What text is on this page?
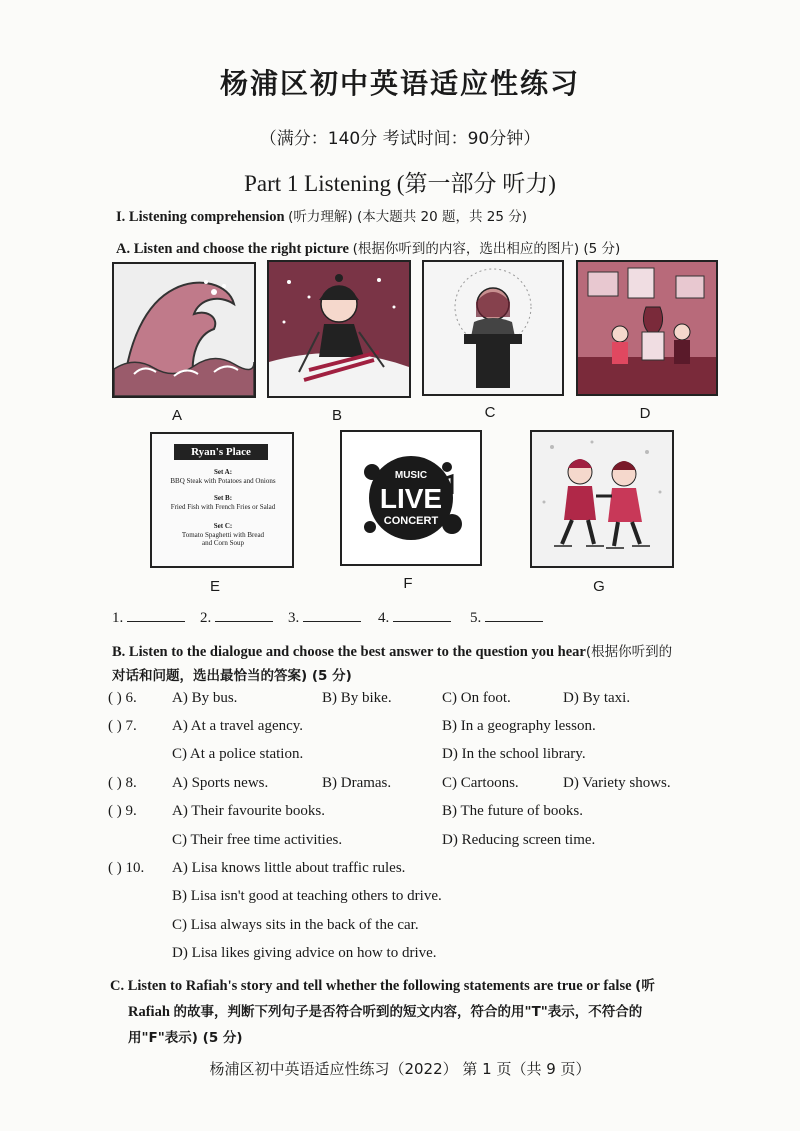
杨浦区初中英语适应性练习
（满分：140分 考试时间：90分钟）
Part 1 Listening (第一部分 听力)
I. Listening comprehension (听力理解) (本大题共 20 题，共 25 分)
A. Listen and choose the right picture (根据你听到的内容，选出相应的图片) (5 分)
A	B	C	D
Ryan's Place
Set A:
BBQ Steak with Potatoes and Onions
Set B:
Fried Fish with French Fries or Salad
Set C:
Tomato Spaghetti with Bread
and Corn Soup
E
MUSIC
LIVE
CONCERT
F	G
1.	2.	3.	4.	5.
B. Listen to the dialogue and choose the best answer to the question you hear(根据你听到的
对话和问题，选出最恰当的答案) (5 分)
( ) 6. A) By bus.	B) By bike.	C) On foot.	D) By taxi.
( ) 7. A) At a travel agency.	B) In a geography lesson.
C) At a police station.	D) In the school library.
( ) 8. A) Sports news.	B) Dramas.	C) Cartoons.	D) Variety shows.
( ) 9. A) Their favourite books.	B) The future of books.
C) Their free time activities.	D) Reducing screen time.
( ) 10. A) Lisa knows little about traffic rules.
B) Lisa isn't good at teaching others to drive.
C) Lisa always sits in the back of the car.
D) Lisa likes giving advice on how to drive.
C. Listen to Rafiah's story and tell whether the following statements are true or false (听
Rafiah 的故事，判断下列句子是否符合听到的短文内容，符合的用"T"表示，不符合的
用"F"表示) (5 分)
杨浦区初中英语适应性练习（2022） 第 1 页（共 9 页）
